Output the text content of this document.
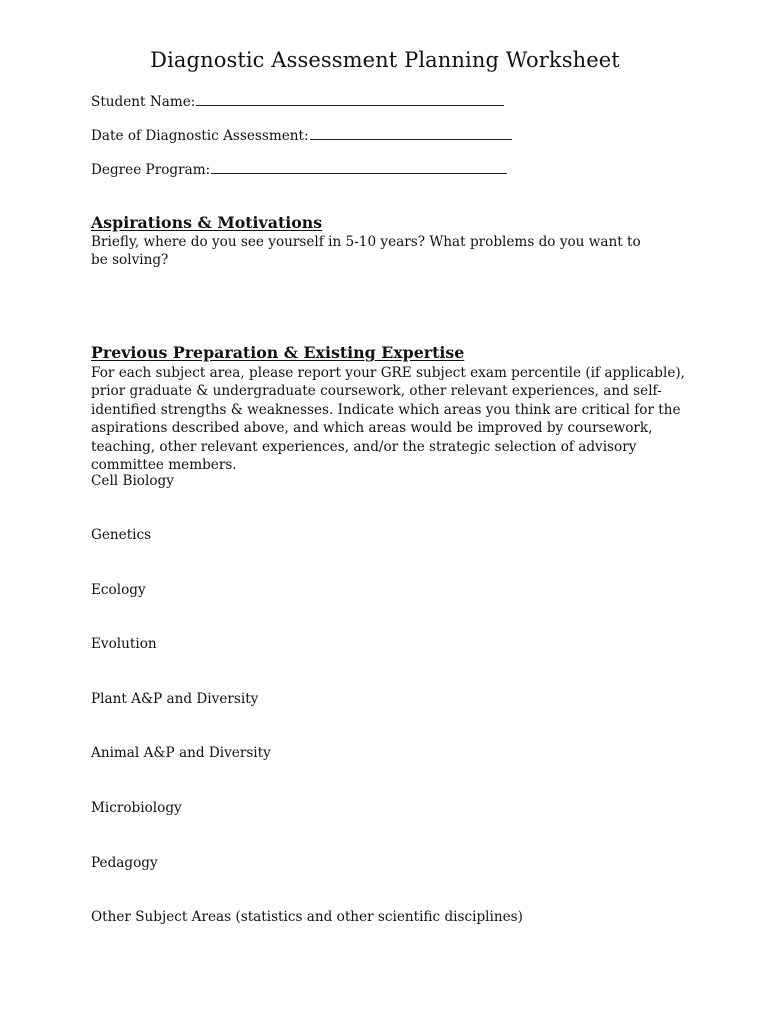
Diagnostic Assessment Planning Worksheet
Student Name:
Date of Diagnostic Assessment:
Degree Program:
Aspirations & Motivations
Briefly, where do you see yourself in 5-10 years? What problems do you want to be solving?
Previous Preparation & Existing Expertise
For each subject area, please report your GRE subject exam percentile (if applicable), prior graduate & undergraduate coursework, other relevant experiences, and self-identified strengths & weaknesses. Indicate which areas you think are critical for the aspirations described above, and which areas would be improved by coursework, teaching, other relevant experiences, and/or the strategic selection of advisory committee members.
Cell Biology
Genetics
Ecology
Evolution
Plant A&P and Diversity
Animal A&P and Diversity
Microbiology
Pedagogy
Other Subject Areas (statistics and other scientific disciplines)
